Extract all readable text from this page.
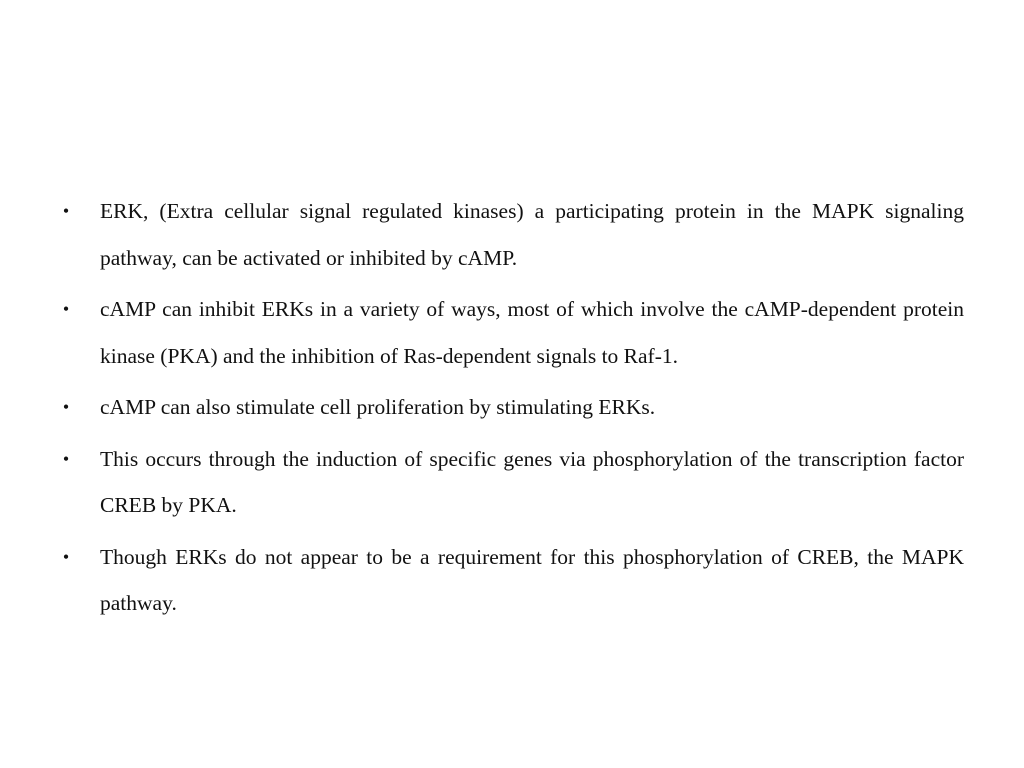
•	ERK, (Extra cellular signal regulated kinases) a participating protein in the MAPK signaling pathway, can be activated or inhibited by cAMP.
•	cAMP can inhibit ERKs in a variety of ways, most of which involve the cAMP-dependent protein kinase (PKA) and the inhibition of Ras-dependent signals to Raf-1.
•	cAMP can also stimulate cell proliferation by stimulating ERKs.
•	This occurs through the induction of specific genes via phosphorylation of the transcription factor CREB by PKA.
•	Though ERKs do not appear to be a requirement for this phosphorylation of CREB, the MAPK pathway.
